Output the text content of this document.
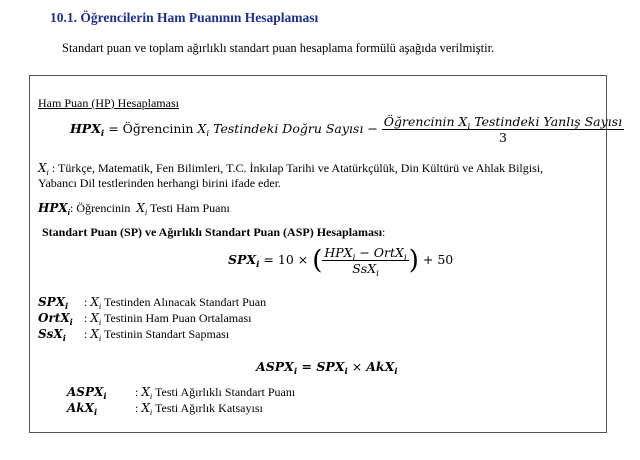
10.1. Öğrencilerin Ham Puanının Hesaplaması
Standart puan ve toplam ağırlıklı standart puan hesaplama formülü aşağıda verilmiştir.
Ham Puan (HP) Hesaplaması
$HPX_i$ = Öğrencinin $X_i$ Testindeki Doğru Sayısı − $\frac{Öğrencinin X_i Testindeki Yanlış Sayısı}{3}$
$X_i$ : Türkçe, Matematik, Fen Bilimleri, T.C. İnkılap Tarihi ve Atatürkçülük, Din Kültürü ve Ahlak Bilgisi,
Yabancı Dil testlerinden herhangi birini ifade eder.
$HPX_i$: Öğrencinin  $X_i$ Testi Ham Puanı
Standart Puan (SP) ve Ağırlıklı Standart Puan (ASP) Hesaplaması:
$SPX_i = 10$ × ( $\frac{HPX_i - OrtX_i}{SsX_i}$ ) + 50
$SPX_i$ : $X_i$ Testinden Alınacak Standart Puan
OrtX$_i$ : $X_i$ Testinin Ham Puan Ortalaması
SsX$_i$ : $X_i$ Testinin Standart Sapması
$ASPX_i = SPX_i \times AkX_i$
$ASPX_i$ : $X_i$ Testi Ağırlıklı Standart Puanı
AkX$_i$	: $X_i$ Testi Ağırlık Katsayısı
